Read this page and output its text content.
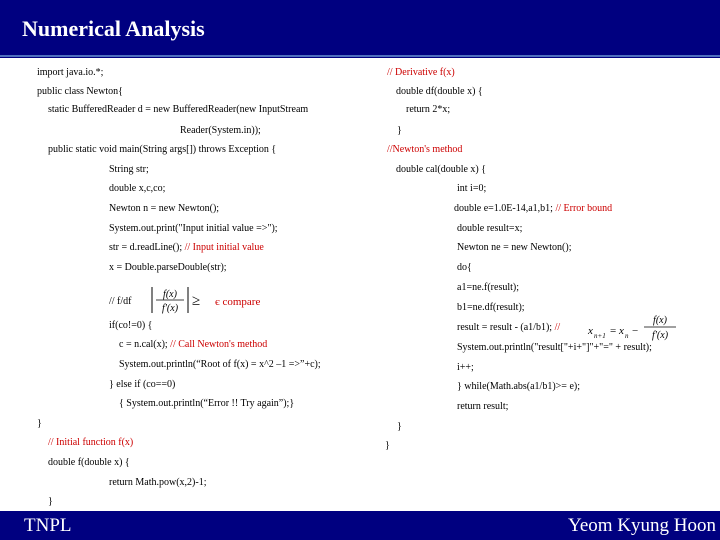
Numerical Analysis
import java.io.*;
public class Newton{
static BufferedReader d = new BufferedReader(new InputStream
Reader(System.in));
public static void main(String args[]) throws Exception {
String str;
double x,c,co;
Newton n = new Newton();
System.out.print("Input initial value =>");
str = d.readLine(); // Input initial value
x = Double.parseDouble(str);
// f/df
f(x)
f′(x) ≥ є compare
if(co!=0) {
c = n.cal(x); // Call Newton's method
System.out.println(“Root of f(x) = x^2 –1 =>”+c);
} else if (co==0)
{ System.out.println(“Error !! Try again”);}
}
// Initial function f(x)
double f(double x) {
return Math.pow(x,2)-1;
}
// Derivative f(x)
double df(double x) {
return 2*x;
}
//Newton's method
double cal(double x) {
int i=0;
double e=1.0E-14,a1,b1; // Error bound
double result=x;
Newton ne = new Newton();
do{
a1=ne.f(result);
b1=ne.df(result);
result = result - (a1/b1); //	x n+1 = x n −
f(x)
f′(x)
System.out.println("result["+i+"]"+"=" + result);
i++;
} while(Math.abs(a1/b1)>= e);
return result;
}
}
TNPL	Yeom Kyung Hoon
